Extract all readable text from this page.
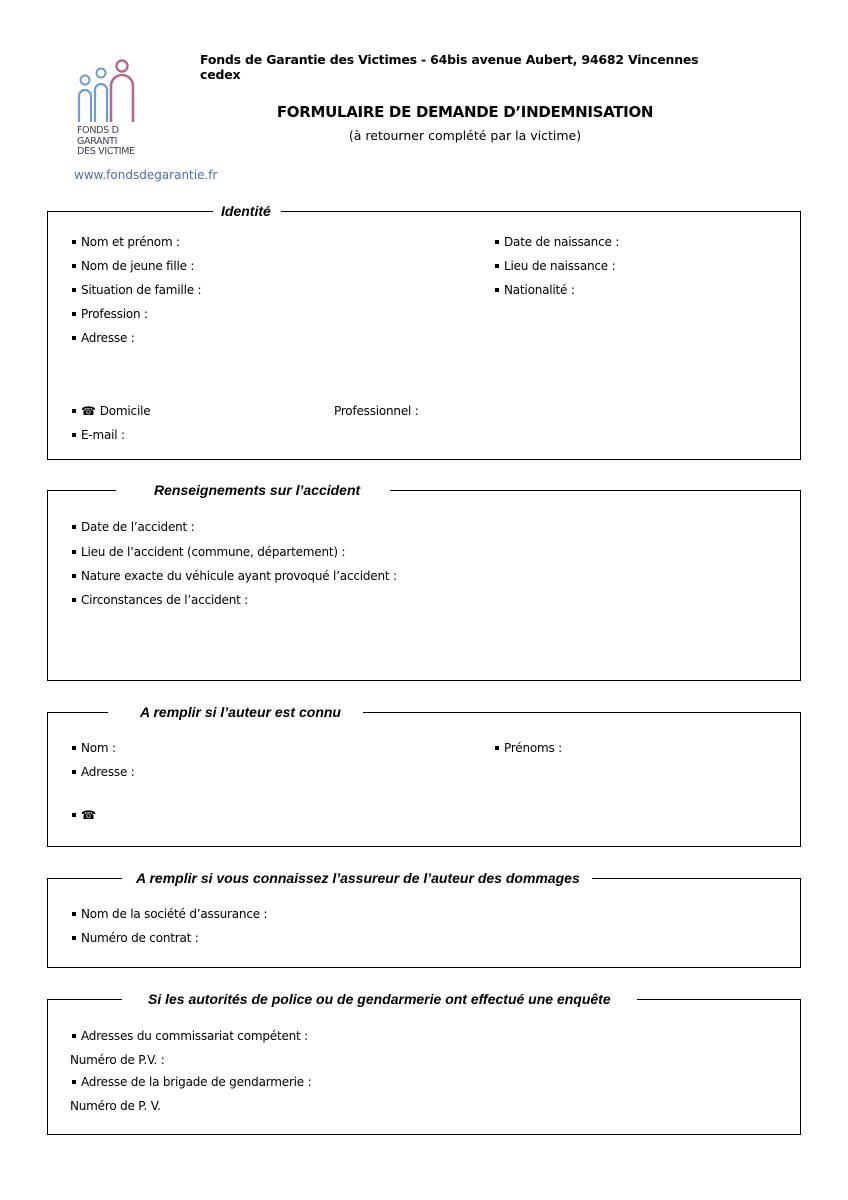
Fonds de Garantie des Victimes - 64bis avenue Aubert, 94682 Vincennes cedex
FONDS D
GARANTI
DES VICTIME
www.fondsdegarantie.fr
FORMULAIRE DE DEMANDE D’INDEMNISATION
(à retourner complété par la victime)
Identité
Nom et prénom :	Date de naissance :
Nom de jeune fille :	Lieu de naissance :
Situation de famille :	Nationalité :
Profession :
Adresse :
☎ Domicile	Professionnel :
E-mail :
Renseignements sur l’accident
Date de l’accident :
Lieu de l’accident (commune, département) :
Nature exacte du véhicule ayant provoqué l’accident :
Circonstances de l’accident :
A remplir si l’auteur est connu
Nom :	Prénoms :
Adresse :
☎
A remplir si vous connaissez l’assureur de l’auteur des dommages
Nom de la société d’assurance :
Numéro de contrat :
Si les autorités de police ou de gendarmerie ont effectué une enquête
Adresses du commissariat compétent :
Numéro de P.V. :
Adresse de la brigade de gendarmerie :
Numéro de P. V.
